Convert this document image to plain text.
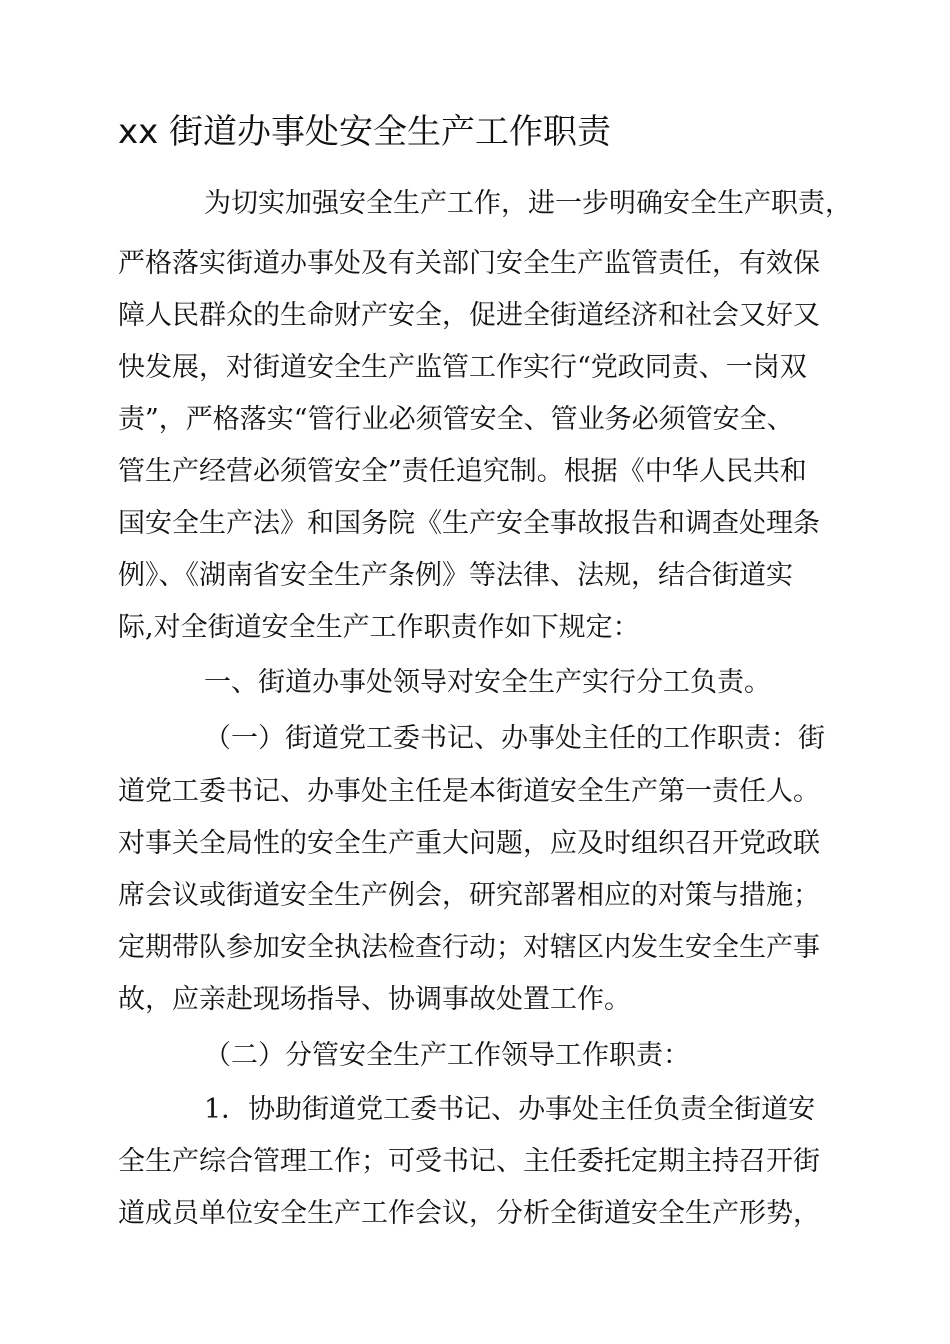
xx 街道办事处安全生产工作职责

为切实加强安全生产工作，进一步明确安全生产职责，

严格落实街道办事处及有关部门安全生产监管责任，有效保

障人民群众的生命财产安全，促进全街道经济和社会又好又

快发展，对街道安全生产监管工作实行“党政同责、一岗双

责”，严格落实“管行业必须管安全、管业务必须管安全、

管生产经营必须管安全”责任追究制。根据《中华人民共和

国安全生产法》和国务院《生产安全事故报告和调查处理条

例》、《湖南省安全生产条例》等法律、法规，结合街道实

际,对全街道安全生产工作职责作如下规定：

一、街道办事处领导对安全生产实行分工负责。

（一）街道党工委书记、办事处主任的工作职责：街

道党工委书记、办事处主任是本街道安全生产第一责任人。

对事关全局性的安全生产重大问题，应及时组织召开党政联

席会议或街道安全生产例会，研究部署相应的对策与措施；

定期带队参加安全执法检查行动；对辖区内发生安全生产事

故，应亲赴现场指导、协调事故处置工作。

（二）分管安全生产工作领导工作职责：

1．协助街道党工委书记、办事处主任负责全街道安

全生产综合管理工作；可受书记、主任委托定期主持召开街

道成员单位安全生产工作会议，分析全街道安全生产形势，
